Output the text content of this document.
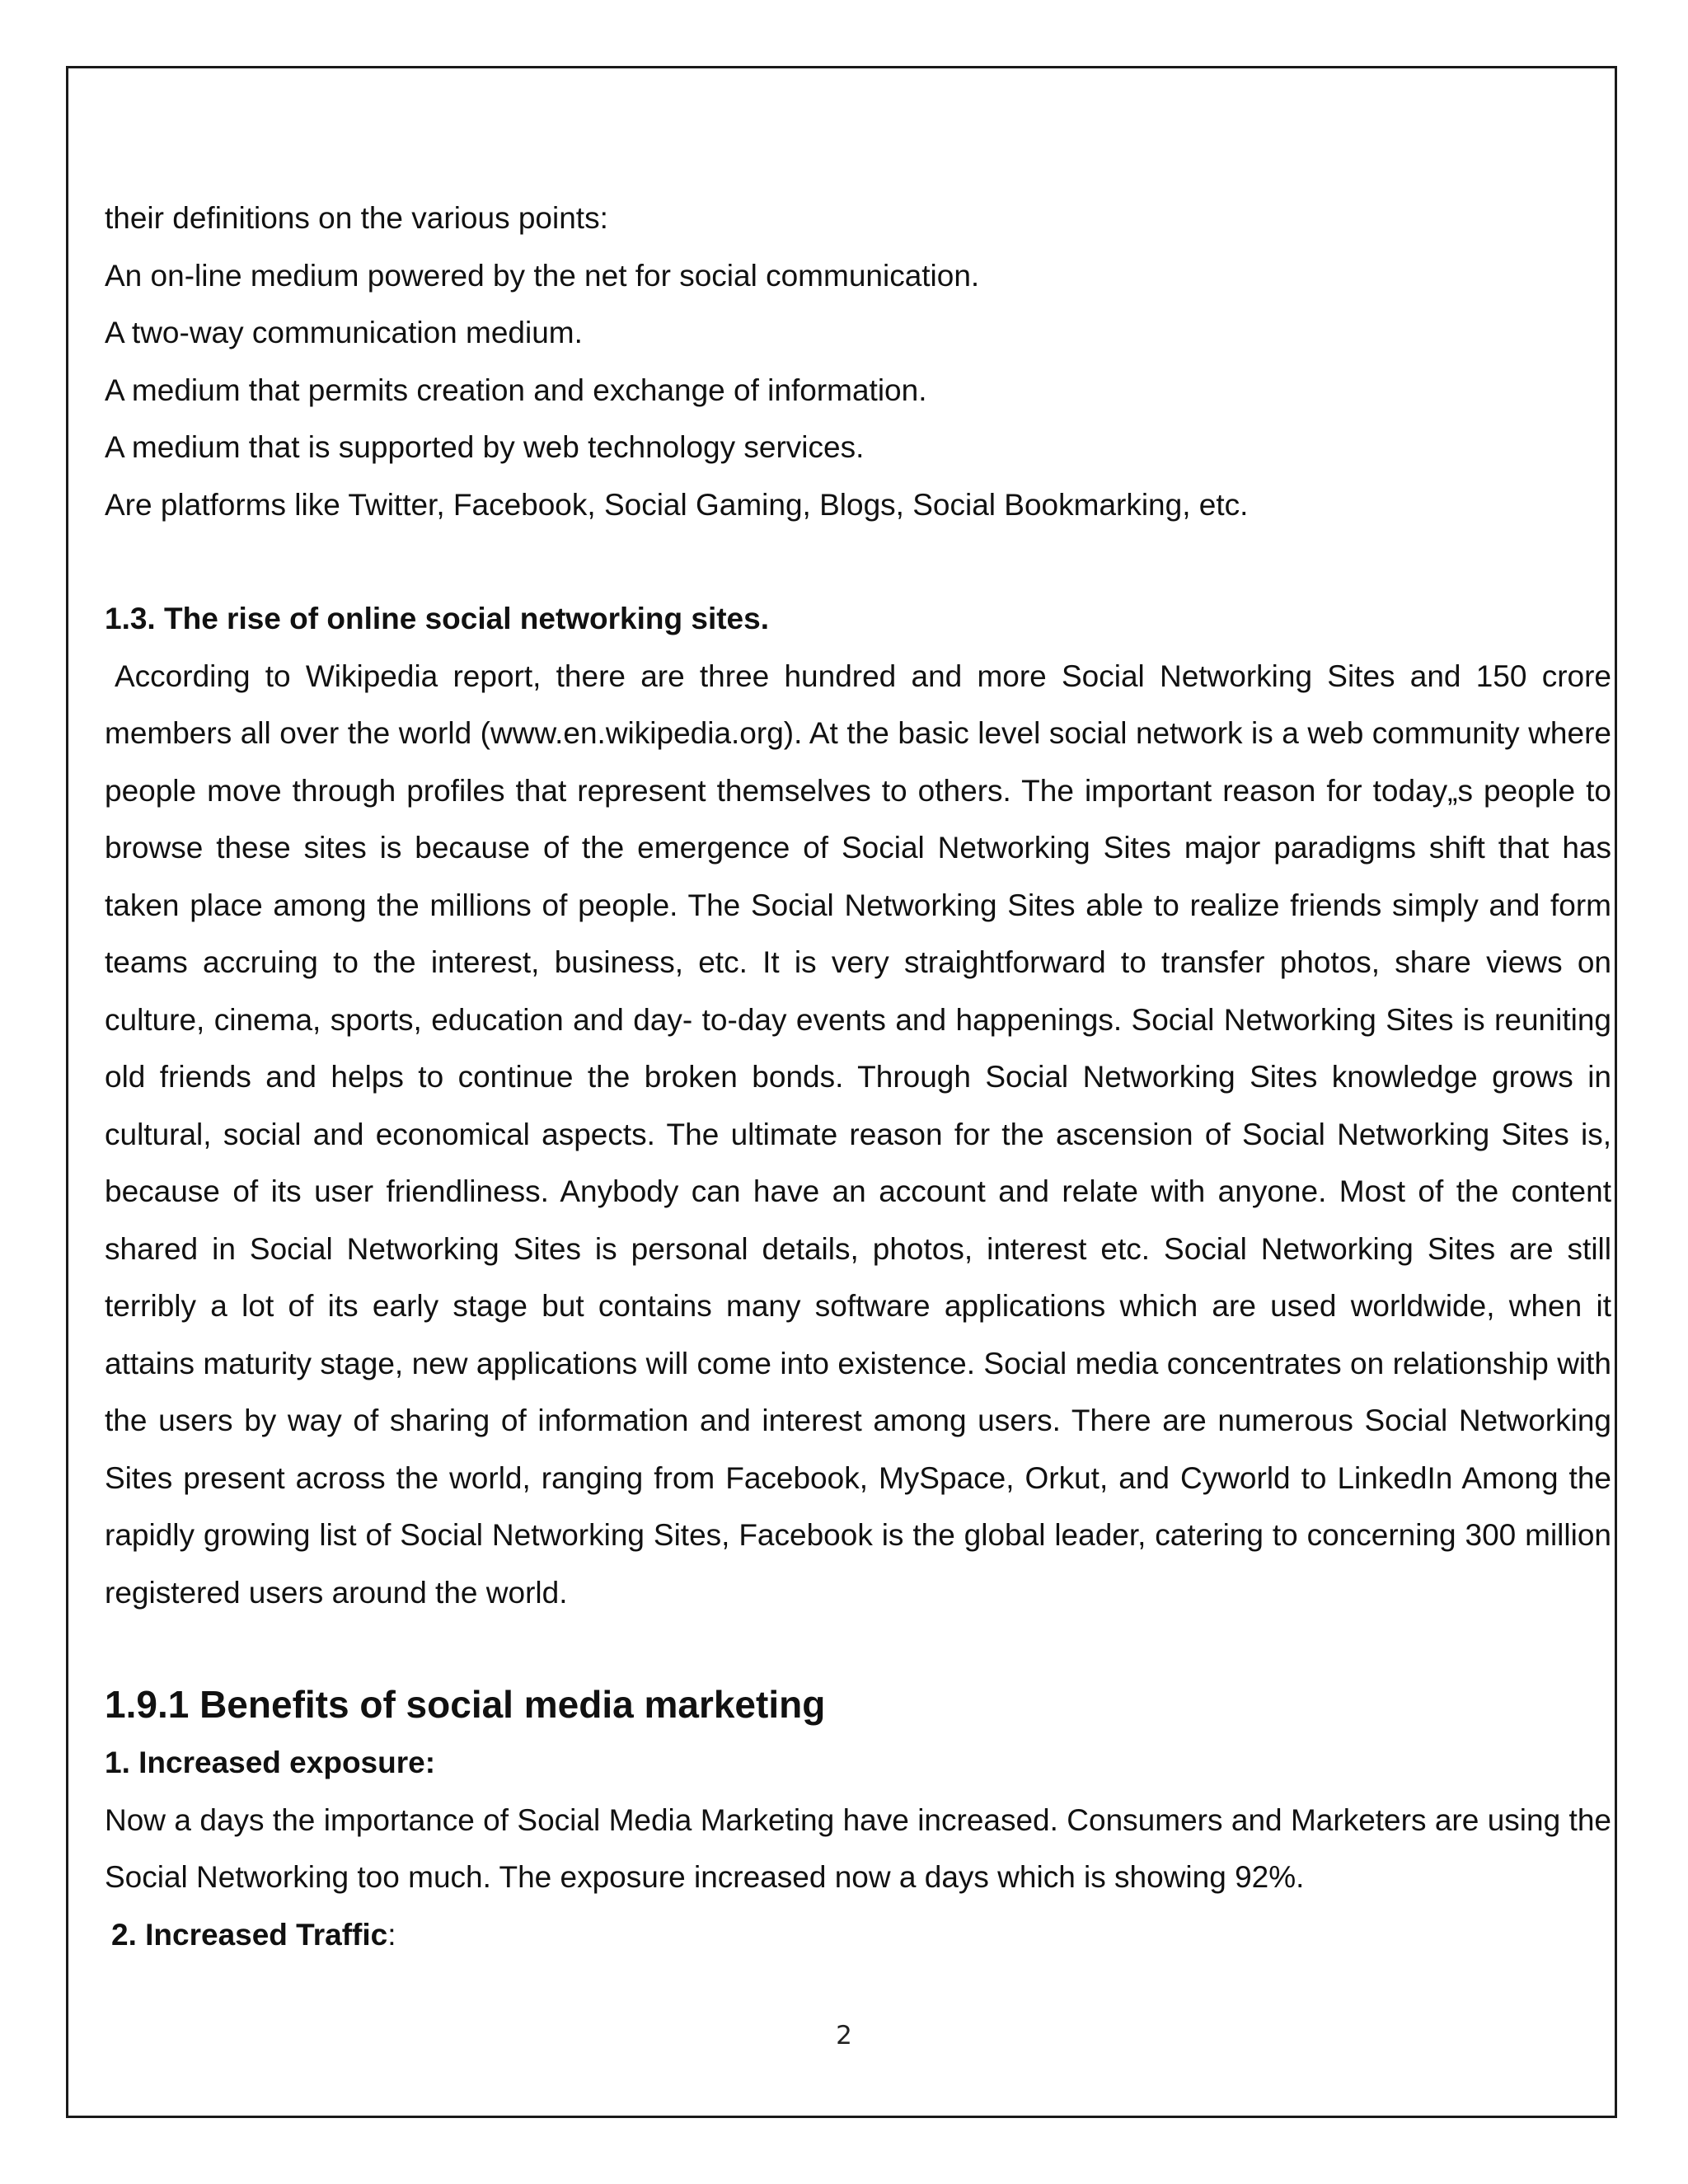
their definitions on the various points:

An on-line medium powered by the net for social communication.

A two-way communication medium.

A medium that permits creation and exchange of information.

A medium that is supported by web technology services.

Are platforms like Twitter, Facebook, Social Gaming, Blogs, Social Bookmarking, etc.

1.3. The rise of online social networking sites.

According to Wikipedia report, there are three hundred and more Social Networking Sites and 150 crore members all over the world (www.en.wikipedia.org). At the basic level social network is a web community where people move through profiles that represent themselves to others. The important reason for today„s people to browse these sites is because of the emergence of Social Networking Sites major paradigms shift that has taken place among the millions of people. The Social Networking Sites able to realize friends simply and form teams accruing to the interest, business, etc. It is very straightforward to transfer photos, share views on culture, cinema, sports, education and day- to-day events and happenings. Social Networking Sites is reuniting old friends and helps to continue the broken bonds. Through Social Networking Sites knowledge grows in cultural, social and economical aspects. The ultimate reason for the ascension of Social Networking Sites is, because of its user friendliness. Anybody can have an account and relate with anyone. Most of the content shared in Social Networking Sites is personal details, photos, interest etc. Social Networking Sites are still terribly a lot of its early stage but contains many software applications which are used worldwide, when it attains maturity stage, new applications will come into existence. Social media concentrates on relationship with the users by way of sharing of information and interest among users. There are numerous Social Networking Sites present across the world, ranging from Facebook, MySpace, Orkut, and Cyworld to LinkedIn Among the rapidly growing list of Social Networking Sites, Facebook is the global leader, catering to concerning 300 million registered users around the world.

1.9.1 Benefits of social media marketing

1. Increased exposure:

Now a days the importance of Social Media Marketing have increased. Consumers and Marketers are using the Social Networking too much. The exposure increased now a days which is showing 92%.

2. Increased Traffic:

2
